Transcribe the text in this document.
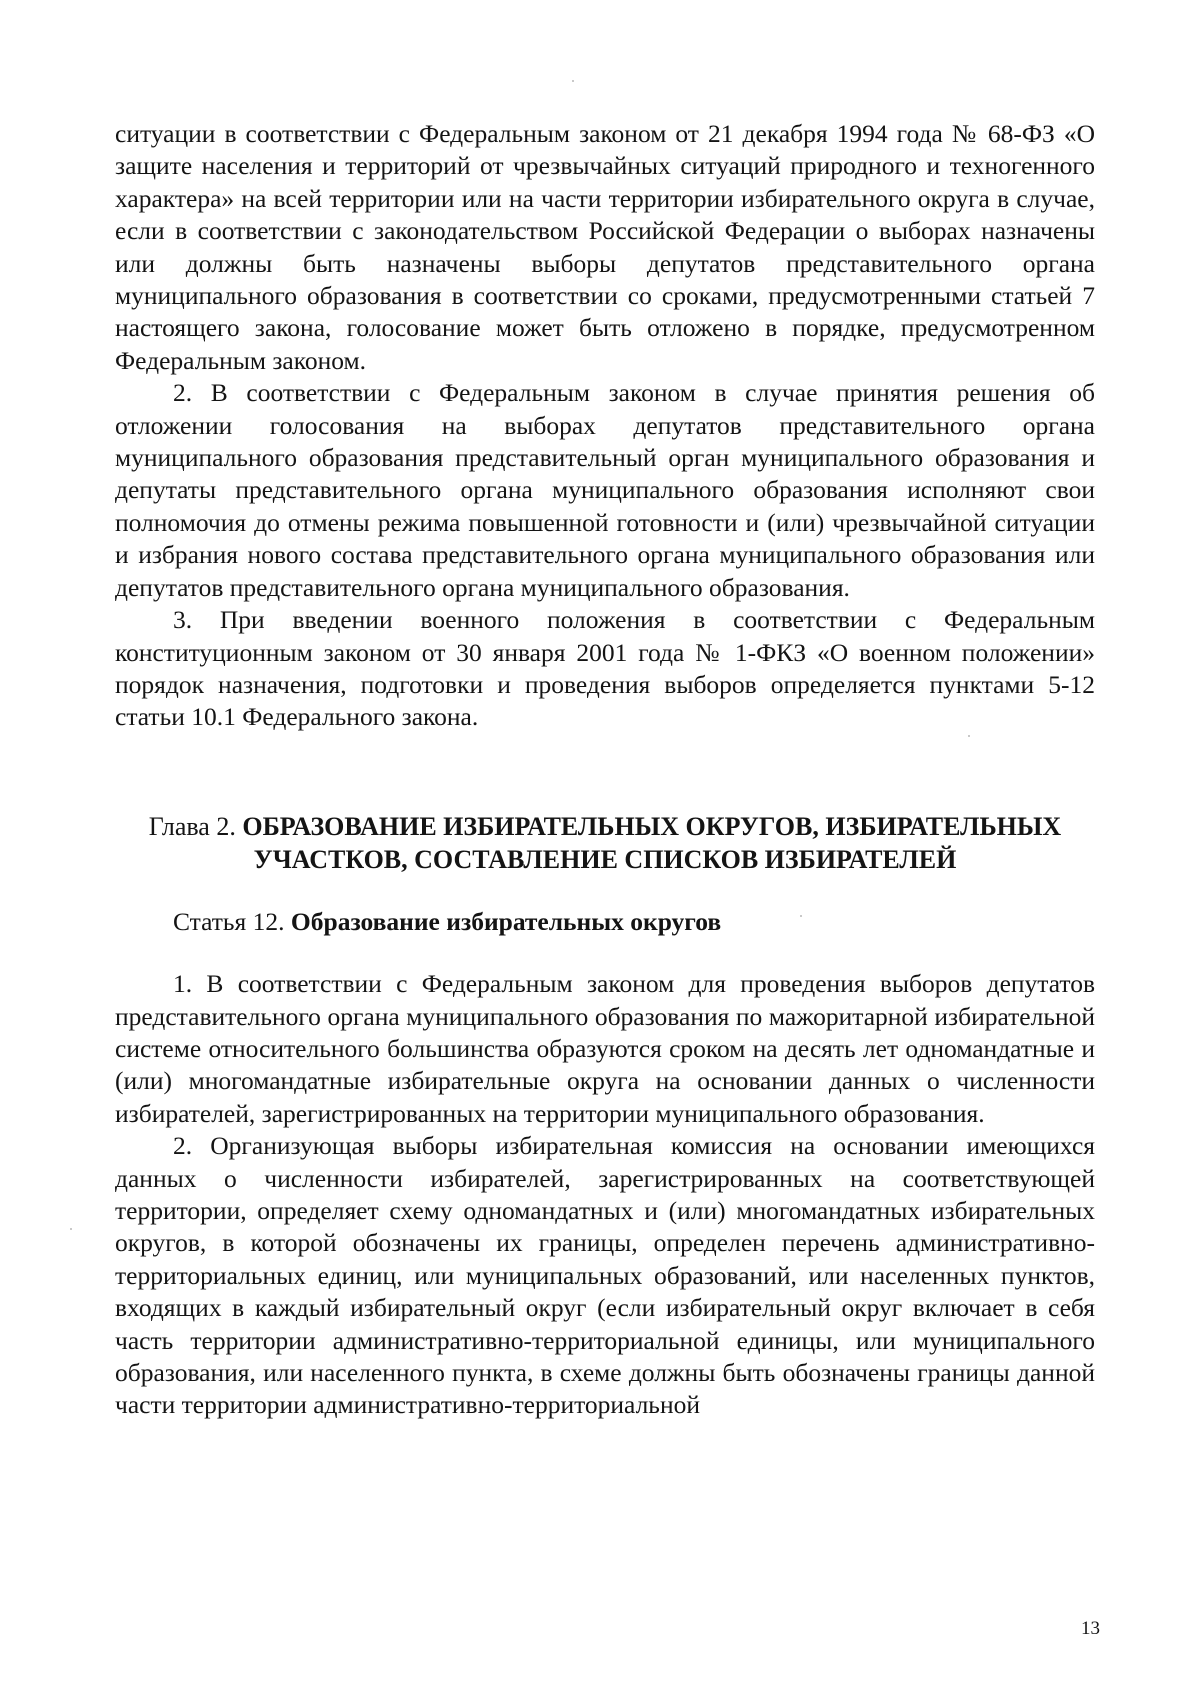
ситуации в соответствии с Федеральным законом от 21 декабря 1994 года № 68-ФЗ «О защите населения и территорий от чрезвычайных ситуаций природного и техногенного характера» на всей территории или на части территории избирательного округа в случае, если в соответствии с законодательством Российской Федерации о выборах назначены или должны быть назначены выборы депутатов представительного органа муниципального образования в соответствии со сроками, предусмотренными статьей 7 настоящего закона, голосование может быть отложено в порядке, предусмотренном Федеральным законом.

2. В соответствии с Федеральным законом в случае принятия решения об отложении голосования на выборах депутатов представительного органа муниципального образования представительный орган муниципального образования и депутаты представительного органа муниципального образования исполняют свои полномочия до отмены режима повышенной готовности и (или) чрезвычайной ситуации и избрания нового состава представительного органа муниципального образования или депутатов представительного органа муниципального образования.

3. При введении военного положения в соответствии с Федеральным конституционным законом от 30 января 2001 года № 1-ФКЗ «О военном положении» порядок назначения, подготовки и проведения выборов определяется пунктами 5-12 статьи 10.1 Федерального закона.

Глава 2. ОБРАЗОВАНИЕ ИЗБИРАТЕЛЬНЫХ ОКРУГОВ, ИЗБИРАТЕЛЬНЫХ УЧАСТКОВ, СОСТАВЛЕНИЕ СПИСКОВ ИЗБИРАТЕЛЕЙ
Статья 12. Образование избирательных округов

1. В соответствии с Федеральным законом для проведения выборов депутатов представительного органа муниципального образования по мажоритарной избирательной системе относительного большинства образуются сроком на десять лет одномандатные и (или) многомандатные избирательные округа на основании данных о численности избирателей, зарегистрированных на территории муниципального образования.

2. Организующая выборы избирательная комиссия на основании имеющихся данных о численности избирателей, зарегистрированных на соответствующей территории, определяет схему одномандатных и (или) многомандатных избирательных округов, в которой обозначены их границы, определен перечень административно-территориальных единиц, или муниципальных образований, или населенных пунктов, входящих в каждый избирательный округ (если избирательный округ включает в себя часть территории административно-территориальной единицы, или муниципального образования, или населенного пункта, в схеме должны быть обозначены границы данной части территории административно-территориальной

13
